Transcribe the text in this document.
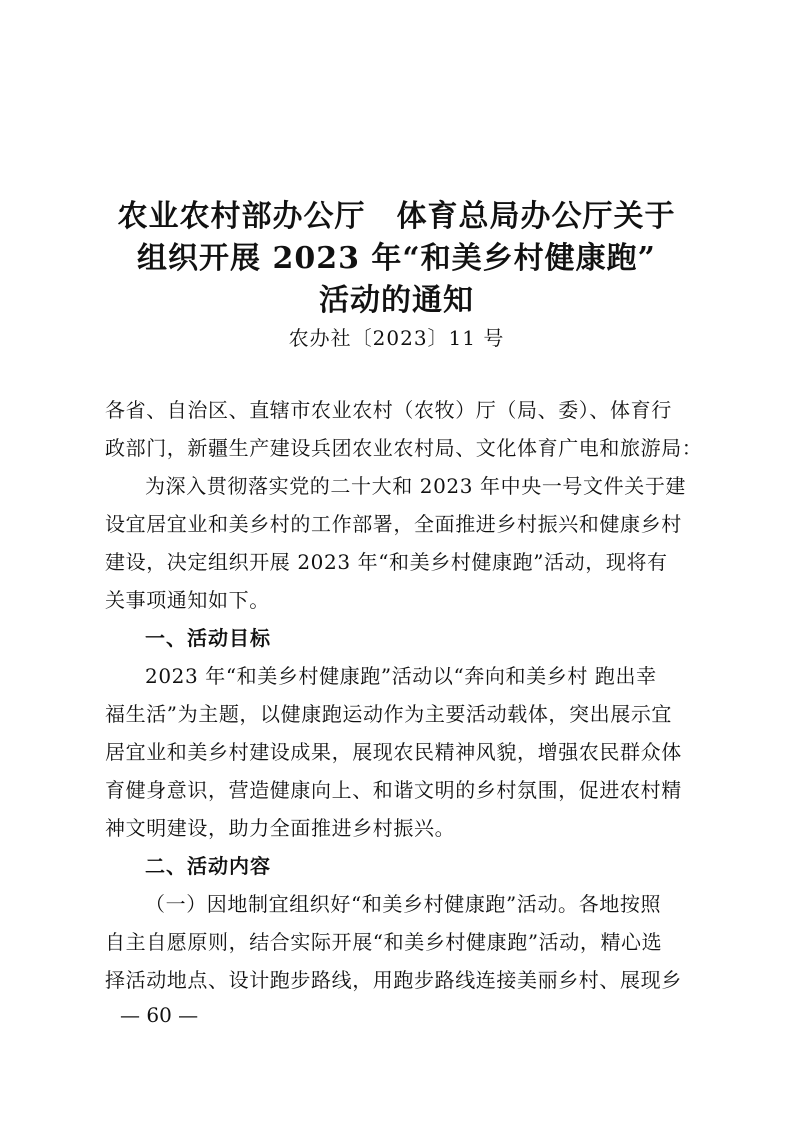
农业农村部办公厅　体育总局办公厅关于
组织开展 2023 年“和美乡村健康跑”
活动的通知
农办社〔2023〕11 号
各省、自治区、直辖市农业农村（农牧）厅（局、委）、体育行
政部门，新疆生产建设兵团农业农村局、文化体育广电和旅游局：
为深入贯彻落实党的二十大和 2023 年中央一号文件关于建
设宜居宜业和美乡村的工作部署，全面推进乡村振兴和健康乡村
建设，决定组织开展 2023 年“和美乡村健康跑”活动，现将有
关事项通知如下。
一、活动目标
2023 年“和美乡村健康跑”活动以“奔向和美乡村 跑出幸
福生活”为主题，以健康跑运动作为主要活动载体，突出展示宜
居宜业和美乡村建设成果，展现农民精神风貌，增强农民群众体
育健身意识，营造健康向上、和谐文明的乡村氛围，促进农村精
神文明建设，助力全面推进乡村振兴。
二、活动内容
（一）因地制宜组织好“和美乡村健康跑”活动。各地按照
自主自愿原则，结合实际开展“和美乡村健康跑”活动，精心选
择活动地点、设计跑步路线，用跑步路线连接美丽乡村、展现乡
— 60 —
